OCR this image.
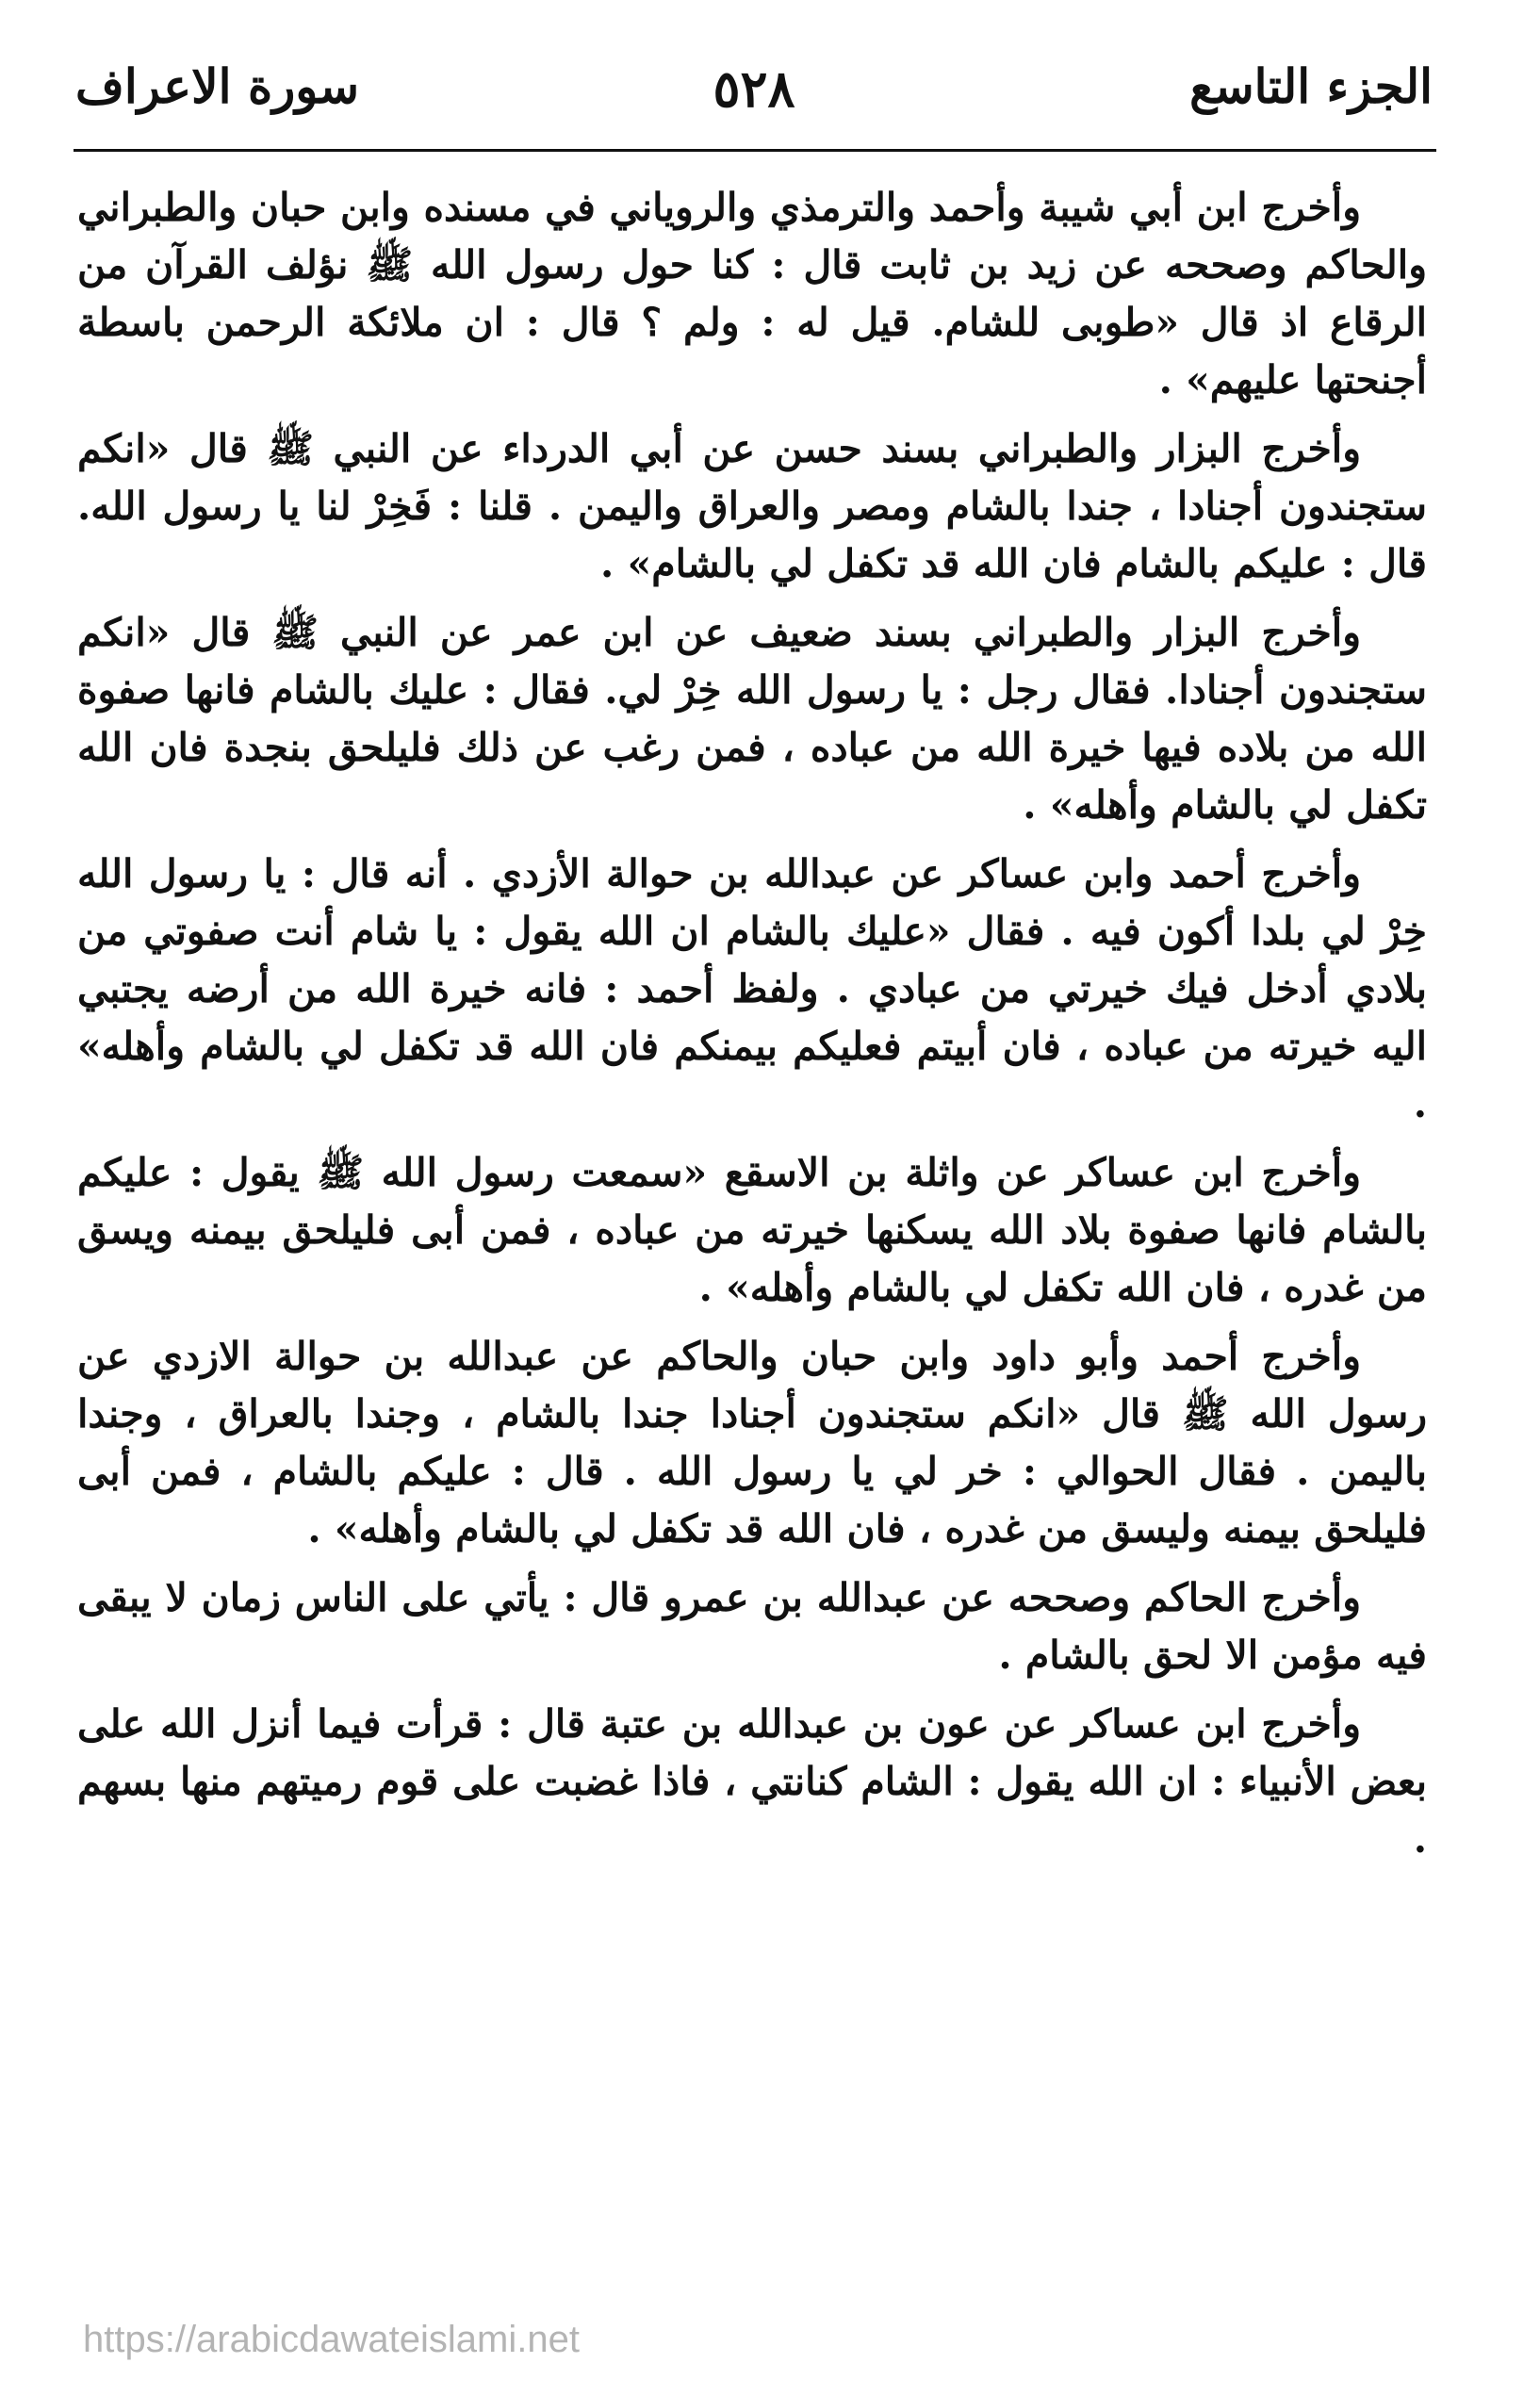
الجزء التاسع
٥٢٨
سورة الاعراف

وأخرج ابن أبي شيبة وأحمد والترمذي والروياني في مسنده وابن حبان والطبراني والحاكم وصححه عن زيد بن ثابت قال : كنا حول رسول الله ﷺ نؤلف القرآن من الرقاع اذ قال «طوبى للشام. قيل له : ولم ؟ قال : ان ملائكة الرحمن باسطة أجنحتها عليهم» .

وأخرج البزار والطبراني بسند حسن عن أبي الدرداء عن النبي ﷺ قال «انكم ستجندون أجنادا ، جندا بالشام ومصر والعراق واليمن . قلنا : فَخِرْ لنا يا رسول الله. قال : عليكم بالشام فان الله قد تكفل لي بالشام» .

وأخرج البزار والطبراني بسند ضعيف عن ابن عمر عن النبي ﷺ قال «انكم ستجندون أجنادا. فقال رجل : يا رسول الله خِرْ لي. فقال : عليك بالشام فانها صفوة الله من بلاده فيها خيرة الله من عباده ، فمن رغب عن ذلك فليلحق بنجدة فان الله تكفل لي بالشام وأهله» .

وأخرج أحمد وابن عساكر عن عبدالله بن حوالة الأزدي . أنه قال : يا رسول الله خِرْ لي بلدا أكون فيه . فقال «عليك بالشام ان الله يقول : يا شام أنت صفوتي من بلادي أدخل فيك خيرتي من عبادي . ولفظ أحمد : فانه خيرة الله من أرضه يجتبي اليه خيرته من عباده ، فان أبيتم فعليكم بيمنكم فان الله قد تكفل لي بالشام وأهله» .

وأخرج ابن عساكر عن واثلة بن الاسقع «سمعت رسول الله ﷺ يقول : عليكم بالشام فانها صفوة بلاد الله يسكنها خيرته من عباده ، فمن أبى فليلحق بيمنه ويسق من غدره ، فان الله تكفل لي بالشام وأهله» .

وأخرج أحمد وأبو داود وابن حبان والحاكم عن عبدالله بن حوالة الازدي عن رسول الله ﷺ قال «انكم ستجندون أجنادا جندا بالشام ، وجندا بالعراق ، وجندا باليمن . فقال الحوالي : خر لي يا رسول الله . قال : عليكم بالشام ، فمن أبى فليلحق بيمنه وليسق من غدره ، فان الله قد تكفل لي بالشام وأهله» .

وأخرج الحاكم وصححه عن عبدالله بن عمرو قال : يأتي على الناس زمان لا يبقى فيه مؤمن الا لحق بالشام .

وأخرج ابن عساكر عن عون بن عبدالله بن عتبة قال : قرأت فيما أنزل الله على بعض الأنبياء : ان الله يقول : الشام كنانتي ، فاذا غضبت على قوم رميتهم منها بسهم .

https://arabicdawateislami.net
